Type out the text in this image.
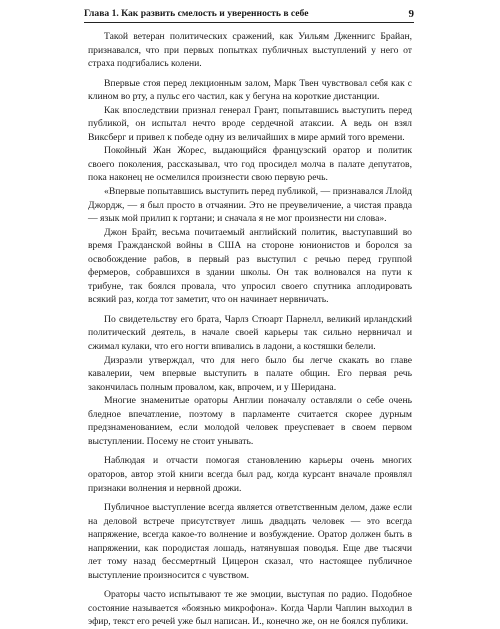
Глава 1. Как развить смелость и уверенность в себе	9

Такой ветеран политических сражений, как Уильям Дженнигс Брайан, признавался, что при первых попытках публичных выступлений у него от страха подгибались колени.

Впервые стоя перед лекционным залом, Марк Твен чувствовал себя как с клином во рту, а пульс его частил, как у бегуна на короткие дистанции.

Как впоследствии признал генерал Грант, попытавшись выступить перед публикой, он испытал нечто вроде сердечной атаксии. А ведь он взял Виксберг и привел к победе одну из величайших в мире армий того времени.

Покойный Жан Жорес, выдающийся французский оратор и политик своего поколения, рассказывал, что год просидел молча в палате депутатов, пока наконец не осмелился произнести свою первую речь.

«Впервые попытавшись выступить перед публикой, — признавался Ллойд Джордж, — я был просто в отчаянии. Это не преувеличение, а чистая правда — язык мой прилип к гортани; и сначала я не мог произнести ни слова».

Джон Брайт, весьма почитаемый английский политик, выступавший во время Гражданской войны в США на стороне юнионистов и боролся за освобождение рабов, в первый раз выступил с речью перед группой фермеров, собравшихся в здании школы. Он так волновался на пути к трибуне, так боялся провала, что упросил своего спутника аплодировать всякий раз, когда тот заметит, что он начинает нервничать.

По свидетельству его брата, Чарлз Стюарт Парнелл, великий ирландский политический деятель, в начале своей карьеры так сильно нервничал и сжимал кулаки, что его ногти впивались в ладони, а костяшки белели.

Дизраэли утверждал, что для него было бы легче скакать во главе кавалерии, чем впервые выступить в палате общин. Его первая речь закончилась полным провалом, как, впрочем, и у Шеридана.

Многие знаменитые ораторы Англии поначалу оставляли о себе очень бледное впечатление, поэтому в парламенте считается скорее дурным предзнаменованием, если молодой человек преуспевает в своем первом выступлении. Посему не стоит унывать.

Наблюдая и отчасти помогая становлению карьеры очень многих ораторов, автор этой книги всегда был рад, когда курсант вначале проявлял признаки волнения и нервной дрожи.

Публичное выступление всегда является ответственным делом, даже если на деловой встрече присутствует лишь двадцать человек — это всегда напряжение, всегда какое-то волнение и возбуждение. Оратор должен быть в напряжении, как породистая лошадь, натянувшая поводья. Еще две тысячи лет тому назад бессмертный Цицерон сказал, что настоящее публичное выступление произносится с чувством.

Ораторы часто испытывают те же эмоции, выступая по радио. Подобное состояние называется «боязнью микрофона». Когда Чарли Чаплин выходил в эфир, текст его речей уже был написан. И., конечно же, он не боялся публики.
